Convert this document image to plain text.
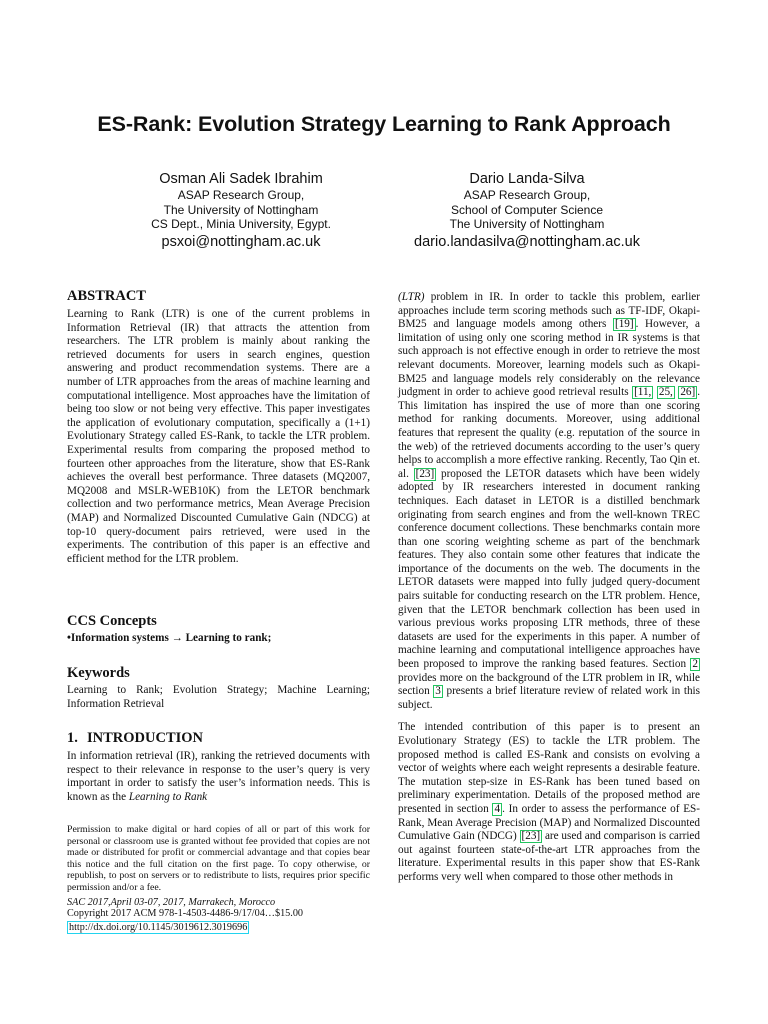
ES-Rank: Evolution Strategy Learning to Rank Approach
Osman Ali Sadek Ibrahim
ASAP Research Group,
The University of Nottingham
CS Dept., Minia University, Egypt.
psxoi@nottingham.ac.uk
Dario Landa-Silva
ASAP Research Group,
School of Computer Science
The University of Nottingham
dario.landasilva@nottingham.ac.uk
ABSTRACT

Learning to Rank (LTR) is one of the current problems in Information Retrieval (IR) that attracts the attention from researchers. The LTR problem is mainly about ranking the retrieved documents for users in search engines, question answering and product recommendation systems. There are a number of LTR approaches from the areas of machine learning and computational intelligence. Most approaches have the limitation of being too slow or not being very effective. This paper investigates the application of evolutionary computation, specifically a (1+1) Evolutionary Strategy called ES-Rank, to tackle the LTR problem. Experimental results from comparing the proposed method to fourteen other approaches from the literature, show that ES-Rank achieves the overall best performance. Three datasets (MQ2007, MQ2008 and MSLR-WEB10K) from the LETOR benchmark collection and two performance metrics, Mean Average Precision (MAP) and Normalized Discounted Cumulative Gain (NDCG) at top-10 query-document pairs retrieved, were used in the experiments. The contribution of this paper is an effective and efficient method for the LTR problem.

CCS Concepts

•Information systems → Learning to rank;

Keywords

Learning to Rank; Evolution Strategy; Machine Learning; Information Retrieval

1. INTRODUCTION

In information retrieval (IR), ranking the retrieved documents with respect to their relevance in response to the user’s query is very important in order to satisfy the user’s information needs. This is known as the Learning to Rank

Permission to make digital or hard copies of all or part of this work for personal or classroom use is granted without fee provided that copies are not made or distributed for profit or commercial advantage and that copies bear this notice and the full citation on the first page. To copy otherwise, or republish, to post on servers or to redistribute to lists, requires prior specific permission and/or a fee.

SAC 2017,April 03-07, 2017, Marrakech, Morocco

Copyright 2017 ACM 978-1-4503-4486-9/17/04…$15.00

http://dx.doi.org/10.1145/3019612.3019696

(LTR) problem in IR. In order to tackle this problem, earlier approaches include term scoring methods such as TF-IDF, Okapi-BM25 and language models among others [19] . However, a limitation of using only one scoring method in IR systems is that such approach is not effective enough in order to retrieve the most relevant documents. Moreover, learning models such as Okapi-BM25 and language models rely considerably on the relevance judgment in order to achieve good retrieval results [11, 25, 26] . This limitation has inspired the use of more than one scoring method for ranking documents. Moreover, using additional features that represent the quality (e.g. reputation of the source in the web) of the retrieved documents according to the user’s query helps to accomplish a more effective ranking. Recently, Tao Qin et. al. [23] proposed the LETOR datasets which have been widely adopted by IR researchers interested in document ranking techniques. Each dataset in LETOR is a distilled benchmark originating from search engines and from the well-known TREC conference document collections. These benchmarks contain more than one scoring weighting scheme as part of the benchmark features. They also contain some other features that indicate the importance of the documents on the web. The documents in the LETOR datasets were mapped into fully judged query-document pairs suitable for conducting research on the LTR problem. Hence, given that the LETOR benchmark collection has been used in various previous works proposing LTR methods, three of these datasets are used for the experiments in this paper. A number of machine learning and computational intelligence approaches have been proposed to improve the ranking based features. Section 2 provides more on the background of the LTR problem in IR, while section 3 presents a brief literature review of related work in this subject.

The intended contribution of this paper is to present an Evolutionary Strategy (ES) to tackle the LTR problem. The proposed method is called ES-Rank and consists on evolving a vector of weights where each weight represents a desirable feature. The mutation step-size in ES-Rank has been tuned based on preliminary experimentation. Details of the proposed method are presented in section 4 . In order to assess the performance of ES-Rank, Mean Average Precision (MAP) and Normalized Discounted Cumulative Gain (NDCG) [23] are used and comparison is carried out against fourteen state-of-the-art LTR approaches from the literature. Experimental results in this paper show that ES-Rank performs very well when compared to those other methods in
